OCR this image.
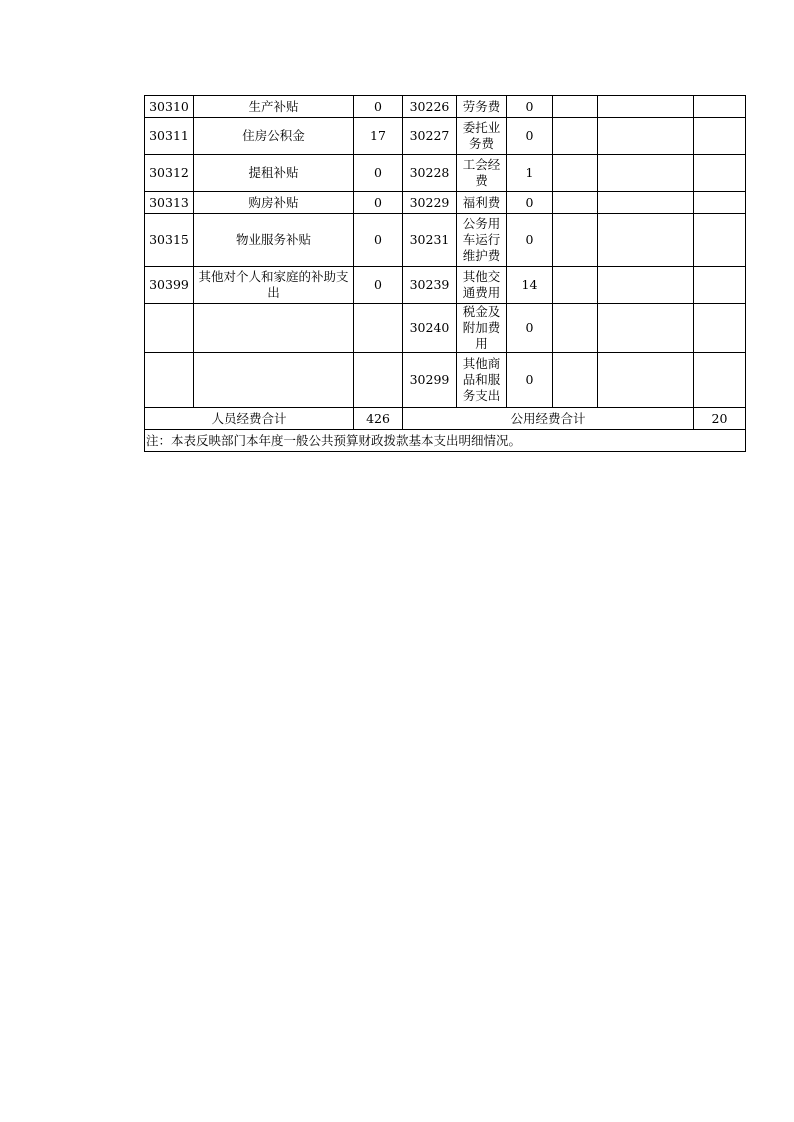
30310	生产补贴	0	30226	劳务费	0			
30311	住房公积金	17	30227	委托业务费	0			
30312	提租补贴	0	30228	工会经费	1			
30313	购房补贴	0	30229	福利费	0			
30315	物业服务补贴	0	30231	公务用车运行维护费	0			
30399	其他对个人和家庭的补助支出	0	30239	其他交通费用	14			
			30240	税金及附加费用	0			
			30299	其他商品和服务支出	0			
人员经费合计		426	公用经费合计					20
注：本表反映部门本年度一般公共预算财政拨款基本支出明细情况。								
